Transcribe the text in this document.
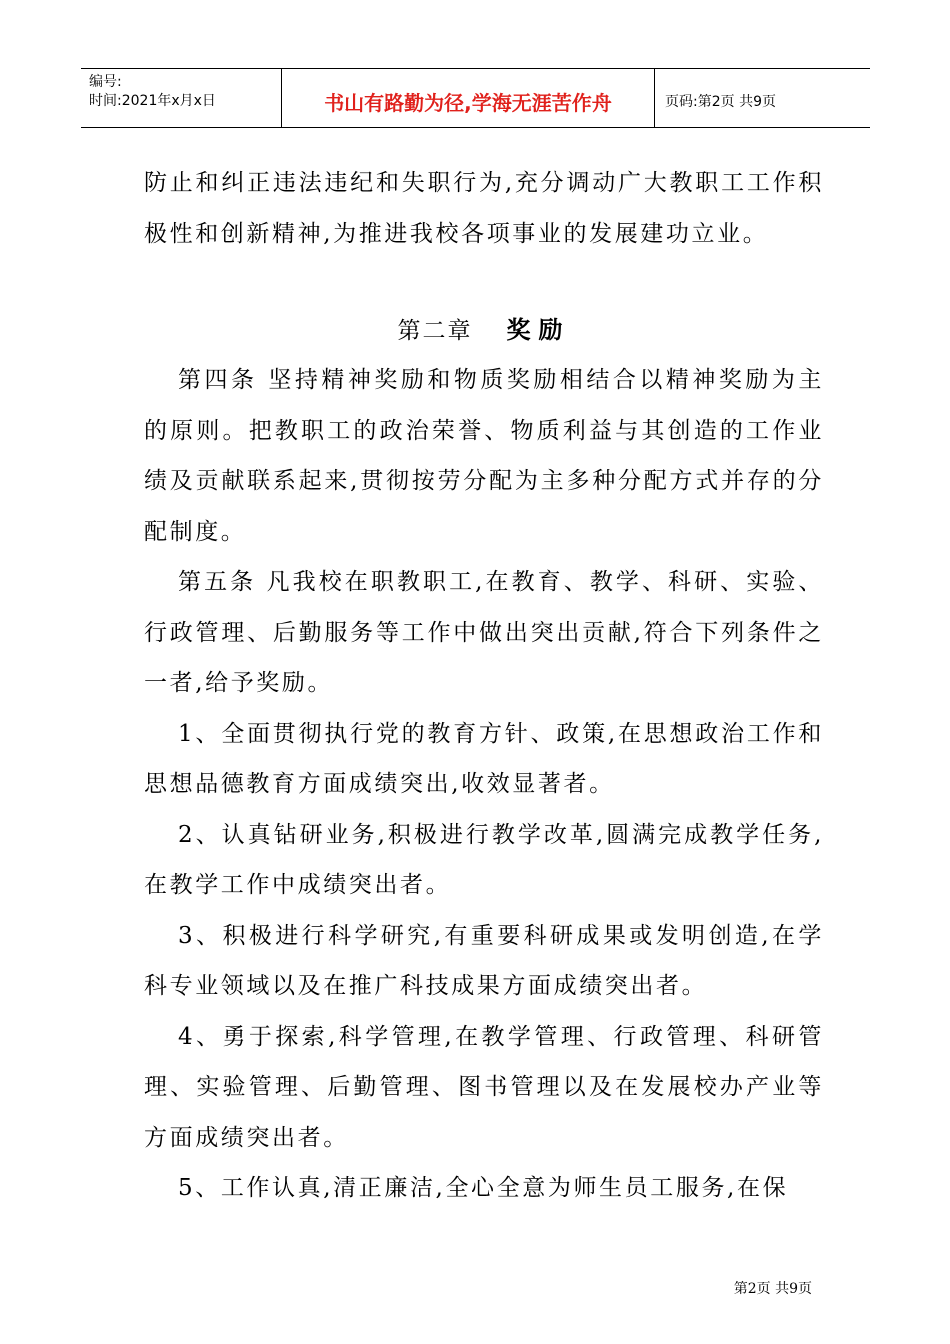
编号:
时间:2021年x月x日	书山有路勤为径,学海无涯苦作舟	页码:第2页 共9页

防止和纠正违法违纪和失职行为,充分调动广大教职工工作积极性和创新精神,为推进我校各项事业的发展建功立业。

第二章 奖励

第四条 坚持精神奖励和物质奖励相结合以精神奖励为主的原则。把教职工的政治荣誉、物质利益与其创造的工作业绩及贡献联系起来,贯彻按劳分配为主多种分配方式并存的分配制度。

第五条 凡我校在职教职工,在教育、教学、科研、实验、行政管理、后勤服务等工作中做出突出贡献,符合下列条件之一者,给予奖励。

1、全面贯彻执行党的教育方针、政策,在思想政治工作和思想品德教育方面成绩突出,收效显著者。

2、认真钻研业务,积极进行教学改革,圆满完成教学任务,在教学工作中成绩突出者。

3、积极进行科学研究,有重要科研成果或发明创造,在学科专业领域以及在推广科技成果方面成绩突出者。

4、勇于探索,科学管理,在教学管理、行政管理、科研管理、实验管理、后勤管理、图书管理以及在发展校办产业等方面成绩突出者。

5、工作认真,清正廉洁,全心全意为师生员工服务,在保

第2页 共9页
